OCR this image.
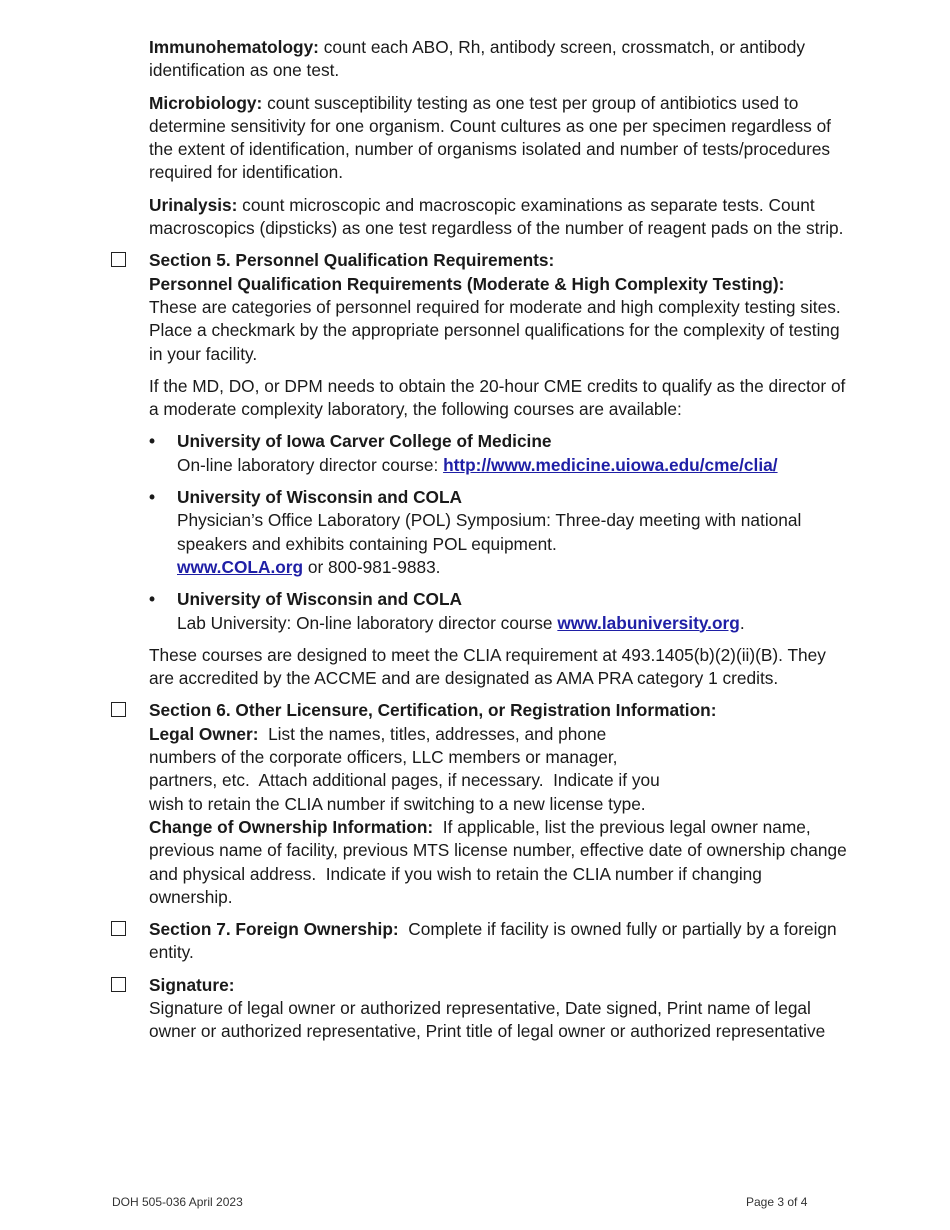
Immunohematology: count each ABO, Rh, antibody screen, crossmatch, or antibody identification as one test.

Microbiology: count susceptibility testing as one test per group of antibiotics used to determine sensitivity for one organism. Count cultures as one per specimen regardless of the extent of identification, number of organisms isolated and number of tests/procedures required for identification.

Urinalysis: count microscopic and macroscopic examinations as separate tests. Count macroscopics (dipsticks) as one test regardless of the number of reagent pads on the strip.

Section 5. Personnel Qualification Requirements:

Personnel Qualification Requirements (Moderate & High Complexity Testing):

These are categories of personnel required for moderate and high complexity testing sites. Place a checkmark by the appropriate personnel qualifications for the complexity of testing in your facility.

If the MD, DO, or DPM needs to obtain the 20-hour CME credits to qualify as the director of a moderate complexity laboratory, the following courses are available:

• University of Iowa Carver College of Medicine

On-line laboratory director course: http://www.medicine.uiowa.edu/cme/clia/

• University of Wisconsin and COLA

Physician’s Office Laboratory (POL) Symposium: Three-day meeting with national speakers and exhibits containing POL equipment.

www.COLA.org or 800-981-9883.

• University of Wisconsin and COLA

Lab University: On-line laboratory director course www.labuniversity.org.

These courses are designed to meet the CLIA requirement at 493.1405(b)(2)(ii)(B). They are accredited by the ACCME and are designated as AMA PRA category 1 credits.

Section 6. Other Licensure, Certification, or Registration Information:

Legal Owner:  List the names, titles, addresses, and phone

numbers of the corporate officers, LLC members or manager,

partners, etc.  Attach additional pages, if necessary.  Indicate if you

wish to retain the CLIA number if switching to a new license type.

Change of Ownership Information:  If applicable, list the previous legal owner name, previous name of facility, previous MTS license number, effective date of ownership change and physical address.  Indicate if you wish to retain the CLIA number if changing ownership.

Section 7. Foreign Ownership:  Complete if facility is owned fully or partially by a foreign entity.

Signature:

Signature of legal owner or authorized representative, Date signed, Print name of legal owner or authorized representative, Print title of legal owner or authorized representative

DOH 505-036 April 2023	Page 3 of 4
